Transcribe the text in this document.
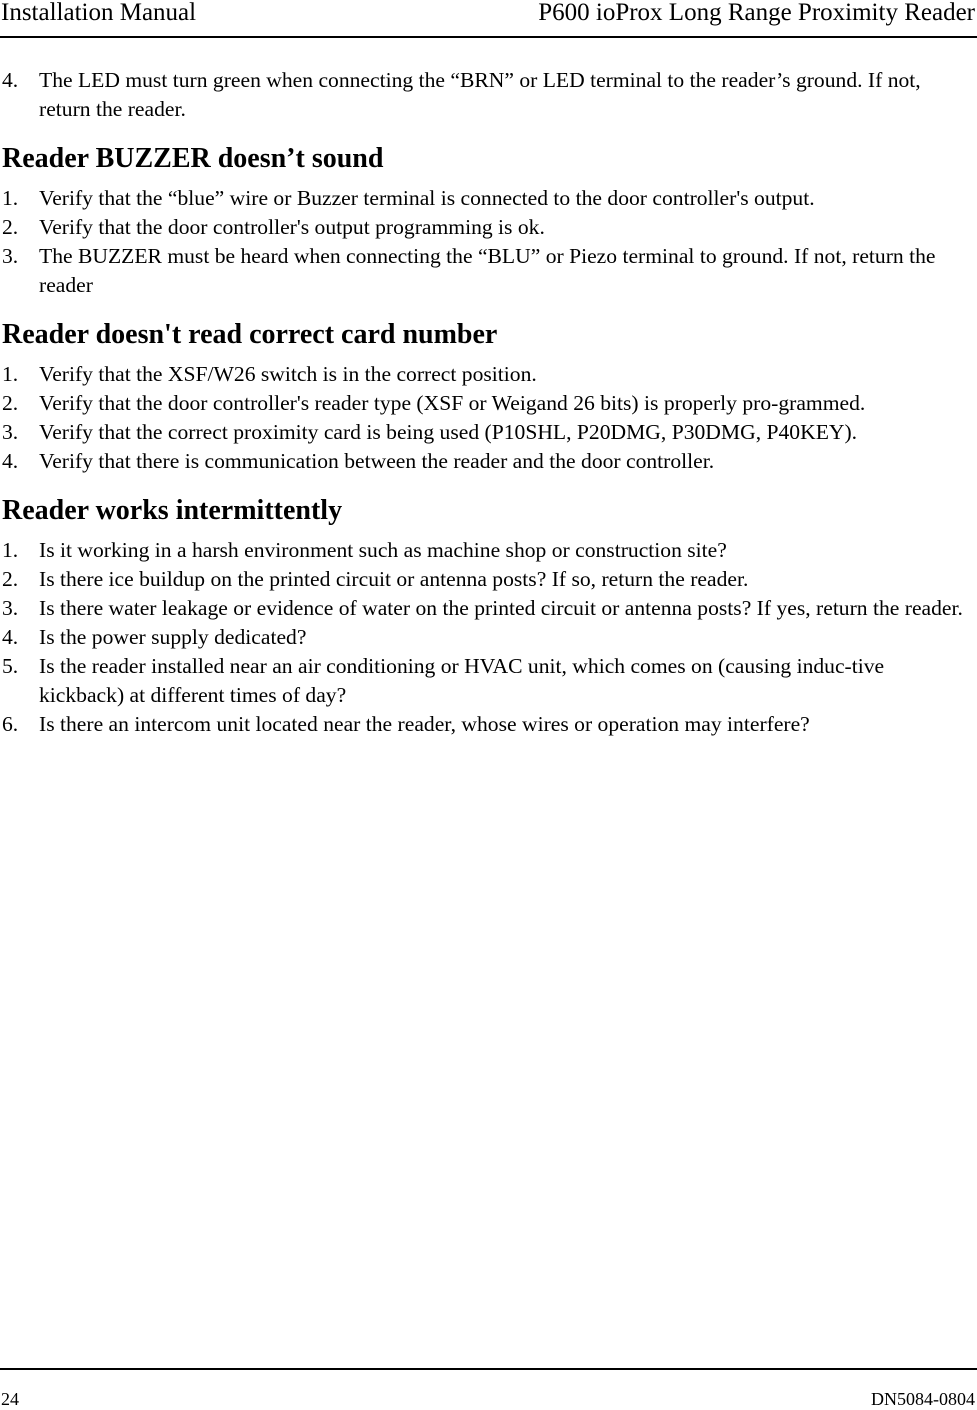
Installation Manual	P600 ioProx Long Range Proximity Reader
4. The LED must turn green when connecting the “BRN” or LED terminal to the reader’s ground. If not, return the reader.
Reader BUZZER doesn’t sound
1. Verify that the “blue” wire or Buzzer terminal is connected to the door controller's output.
2. Verify that the door controller's output programming is ok.
3. The BUZZER must be heard when connecting the “BLU” or Piezo terminal to ground. If not, return the reader
Reader doesn't read correct card number
1. Verify that the XSF/W26 switch is in the correct position.
2. Verify that the door controller's reader type (XSF or Weigand 26 bits) is properly pro-grammed.
3. Verify that the correct proximity card is being used (P10SHL, P20DMG, P30DMG, P40KEY).
4. Verify that there is communication between the reader and the door controller.
Reader works intermittently
1. Is it working in a harsh environment such as machine shop or construction site?
2. Is there ice buildup on the printed circuit or antenna posts? If so, return the reader.
3. Is there water leakage or evidence of water on the printed circuit or antenna posts? If yes, return the reader.
4. Is the power supply dedicated?
5. Is the reader installed near an air conditioning or HVAC unit, which comes on (causing induc-tive kickback) at different times of day?
6. Is there an intercom unit located near the reader, whose wires or operation may interfere?
24	DN5084-0804
